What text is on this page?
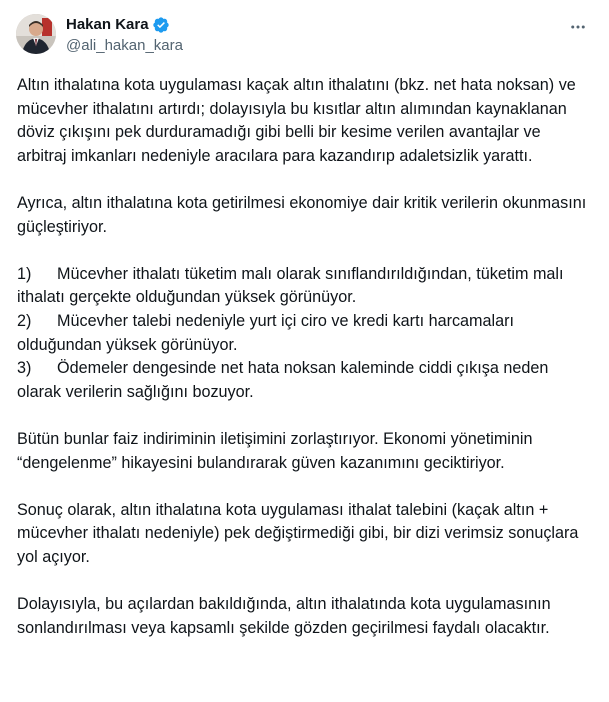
Hakan Kara
@ali_hakan_kara

Altın ithalatına kota uygulaması kaçak altın ithalatını (bkz. net hata noksan) ve mücevher ithalatını artırdı; dolayısıyla bu kısıtlar altın alımından kaynaklanan döviz çıkışını pek durduramadığı gibi belli bir kesime verilen avantajlar ve arbitraj imkanları nedeniyle aracılara para kazandırıp adaletsizlik yarattı.

Ayrıca, altın ithalatına kota getirilmesi ekonomiye dair kritik verilerin okunmasını güçleştiriyor.

1) Mücevher ithalatı tüketim malı olarak sınıflandırıldığından, tüketim malı ithalatı gerçekte olduğundan yüksek görünüyor.

2) Mücevher talebi nedeniyle yurt içi ciro ve kredi kartı harcamaları olduğundan yüksek görünüyor.

3) Ödemeler dengesinde net hata noksan kaleminde ciddi çıkışa neden olarak verilerin sağlığını bozuyor.

Bütün bunlar faiz indiriminin iletişimini zorlaştırıyor. Ekonomi yönetiminin “dengelenme” hikayesini bulandırarak güven kazanımını geciktiriyor.

Sonuç olarak, altın ithalatına kota uygulaması ithalat talebini (kaçak altın + mücevher ithalatı nedeniyle) pek değiştirmediği gibi, bir dizi verimsiz sonuçlara yol açıyor.

Dolayısıyla, bu açılardan bakıldığında, altın ithalatında kota uygulamasının sonlandırılması veya kapsamlı şekilde gözden geçirilmesi faydalı olacaktır.
